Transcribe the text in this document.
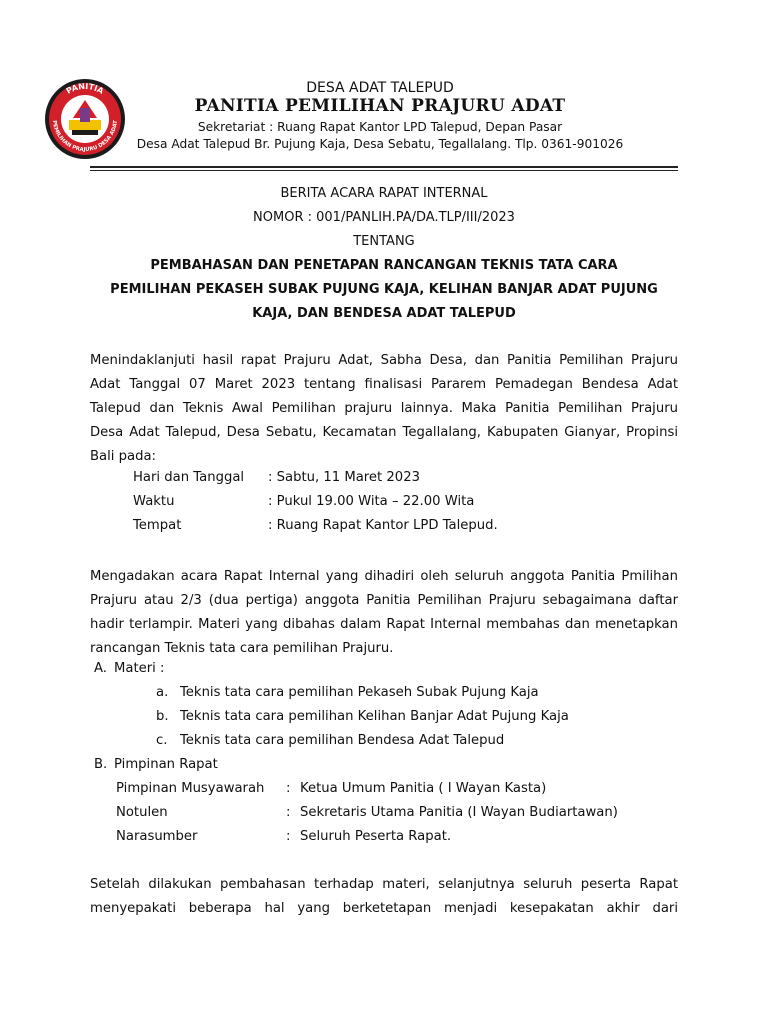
PANITIA
PEMILIHAN PRAJURU DESA ADAT
DESA ADAT TALEPUD
PANITIA PEMILIHAN PRAJURU ADAT
Sekretariat : Ruang Rapat Kantor LPD Talepud, Depan Pasar
Desa Adat Talepud Br. Pujung Kaja, Desa Sebatu, Tegallalang. Tlp. 0361-901026
BERITA ACARA RAPAT INTERNAL
NOMOR : 001/PANLIH.PA/DA.TLP/III/2023
TENTANG
PEMBAHASAN DAN PENETAPAN RANCANGAN TEKNIS TATA CARA
PEMILIHAN PEKASEH SUBAK PUJUNG KAJA, KELIHAN BANJAR ADAT PUJUNG
KAJA, DAN BENDESA ADAT TALEPUD
Menindaklanjuti hasil rapat Prajuru Adat, Sabha Desa, dan Panitia Pemilihan Prajuru
Adat Tanggal 07 Maret 2023 tentang finalisasi Pararem Pemadegan Bendesa Adat
Talepud dan Teknis Awal Pemilihan prajuru lainnya. Maka Panitia Pemilihan Prajuru
Desa Adat Talepud, Desa Sebatu, Kecamatan Tegallalang, Kabupaten Gianyar, Propinsi
Bali pada:
Hari dan Tanggal : Sabtu, 11 Maret 2023
Waktu	: Pukul 19.00 Wita – 22.00 Wita
Tempat	: Ruang Rapat Kantor LPD Talepud.
Mengadakan acara Rapat Internal yang dihadiri oleh seluruh anggota Panitia Pmilihan
Prajuru atau 2/3 (dua pertiga) anggota Panitia Pemilihan Prajuru sebagaimana daftar
hadir terlampir. Materi yang dibahas dalam Rapat Internal membahas dan menetapkan
rancangan Teknis tata cara pemilihan Prajuru.
A. Materi :
a. Teknis tata cara pemilihan Pekaseh Subak Pujung Kaja
b. Teknis tata cara pemilihan Kelihan Banjar Adat Pujung Kaja
c. Teknis tata cara pemilihan Bendesa Adat Talepud
B. Pimpinan Rapat
Pimpinan Musyawarah : Ketua Umum Panitia ( I Wayan Kasta)
Notulen	: Sekretaris Utama Panitia (I Wayan Budiartawan)
Narasumber	: Seluruh Peserta Rapat.
Setelah dilakukan pembahasan terhadap materi, selanjutnya seluruh peserta Rapat
menyepakati beberapa hal yang berketetapan menjadi kesepakatan akhir dari
